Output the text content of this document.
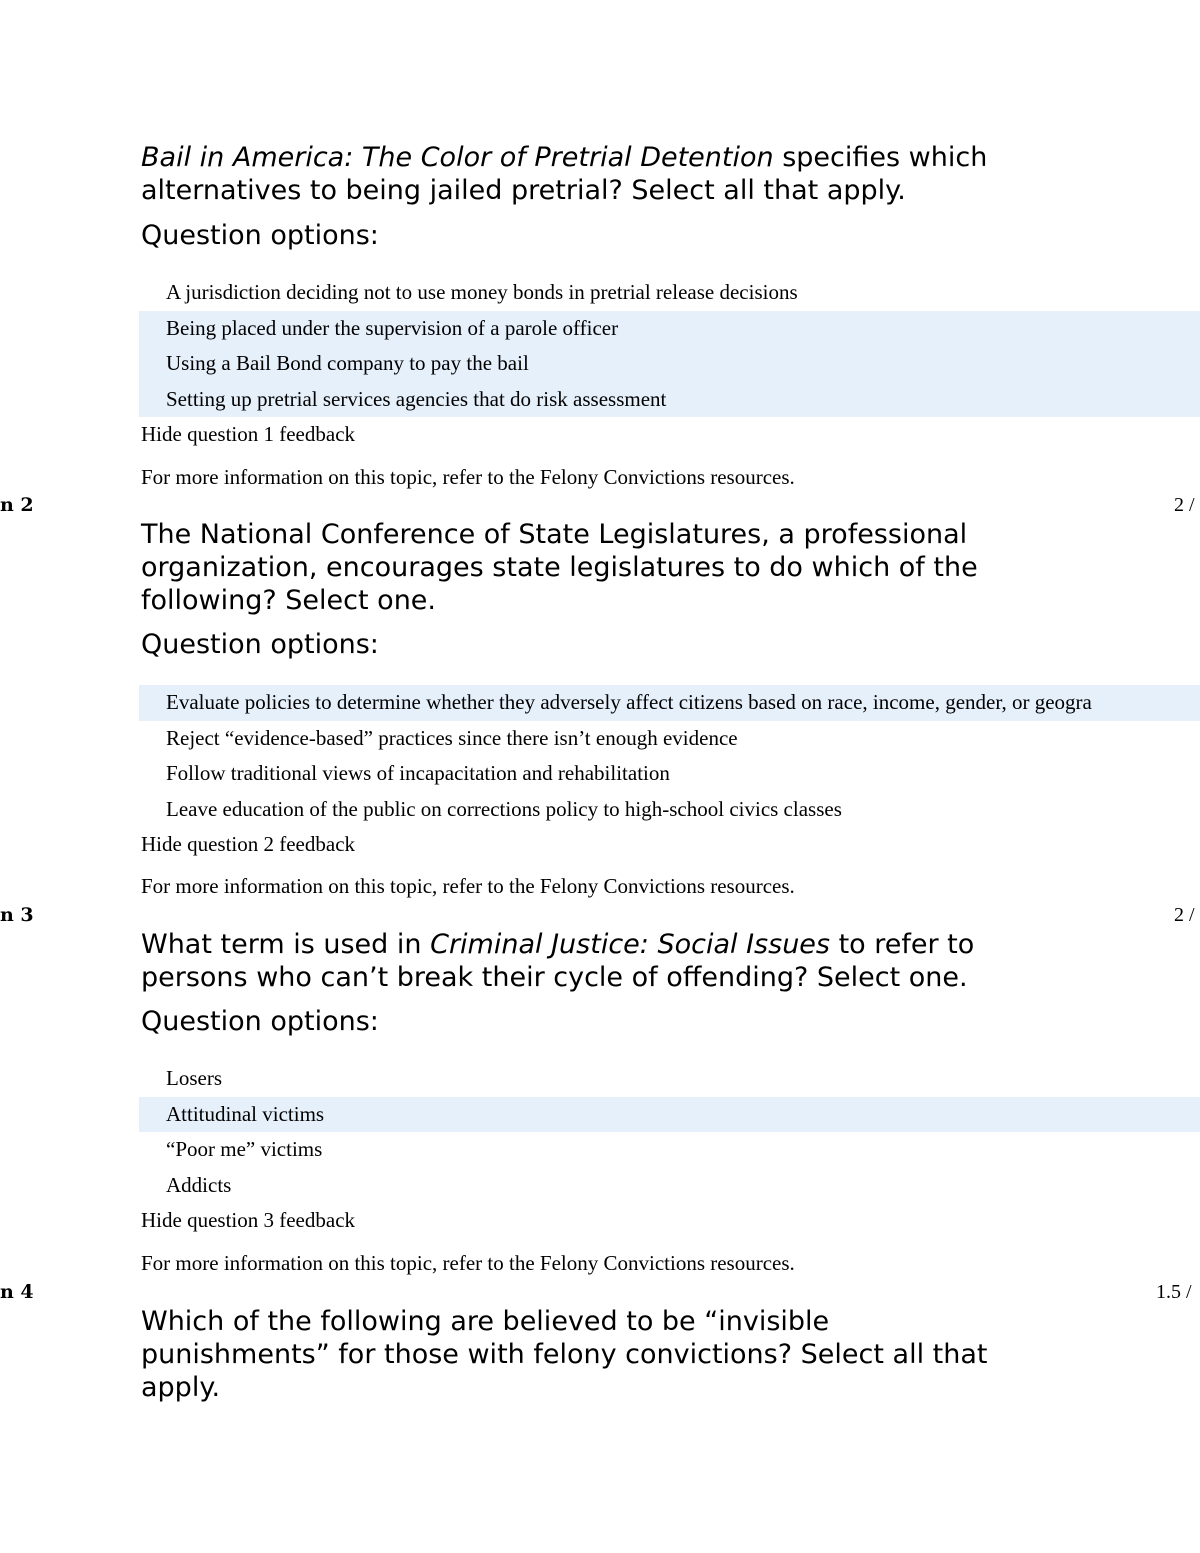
Bail in America: The Color of Pretrial Detention specifies which
alternatives to being jailed pretrial? Select all that apply.
Question options:
A jurisdiction deciding not to use money bonds in pretrial release decisions
Being placed under the supervision of a parole officer
Using a Bail Bond company to pay the bail
Setting up pretrial services agencies that do risk assessment
Hide question 1 feedback
For more information on this topic, refer to the Felony Convictions resources.
n 2	2 /
The National Conference of State Legislatures, a professional
organization, encourages state legislatures to do which of the
following? Select one.
Question options:
Evaluate policies to determine whether they adversely affect citizens based on race, income, gender, or geogra
Reject “evidence-based” practices since there isn’t enough evidence
Follow traditional views of incapacitation and rehabilitation
Leave education of the public on corrections policy to high-school civics classes
Hide question 2 feedback
For more information on this topic, refer to the Felony Convictions resources.
n 3	2 /
What term is used in Criminal Justice: Social Issues to refer to
persons who can’t break their cycle of offending? Select one.
Question options:
Losers
Attitudinal victims
“Poor me” victims
Addicts
Hide question 3 feedback
For more information on this topic, refer to the Felony Convictions resources.
n 4	1.5 /
Which of the following are believed to be “invisible
punishments” for those with felony convictions? Select all that
apply.
